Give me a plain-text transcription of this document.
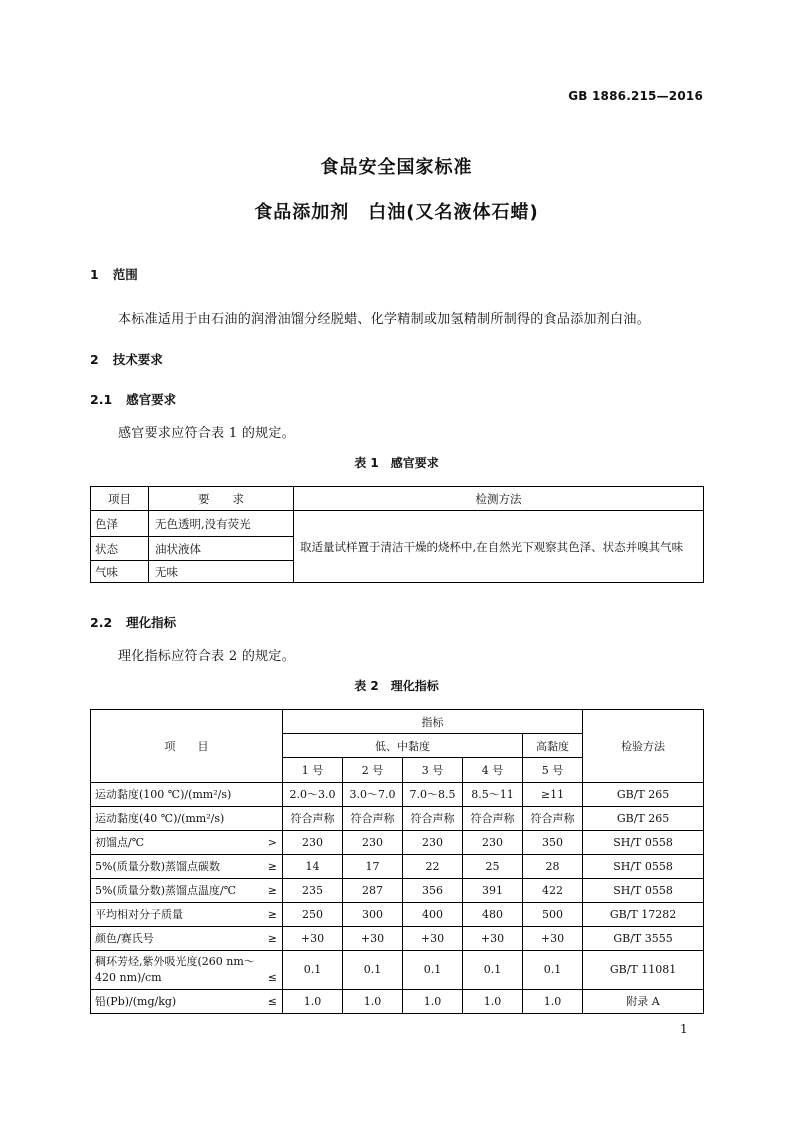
GB 1886.215—2016
食品安全国家标准
食品添加剂　白油(又名液体石蜡)
1 范围
本标准适用于由石油的润滑油馏分经脱蜡、化学精制或加氢精制所制得的食品添加剂白油。
2 技术要求
2.1 感官要求
感官要求应符合表 1 的规定。
表 1　感官要求
项目	要　　求	检测方法
色泽	无色透明,没有荧光	取适量试样置于清洁干燥的烧杯中,在自然光下观察其色泽、状态并嗅其气味
状态	油状液体	
气味	无味	
2.2 理化指标
理化指标应符合表 2 的规定。
表 2　理化指标
项　　目	指标					检验方法
	低、中黏度				高黏度	
	1 号	2 号	3 号	4 号	5 号	

运动黏度(100 ℃)/(mm²/s)	2.0～3.0	3.0～7.0	7.0～8.5	8.5～11	≥11	GB/T 265

运动黏度(40 ℃)/(mm²/s)	符合声称	符合声称	符合声称	符合声称	符合声称	GB/T 265

初馏点/℃ >	230	230	230	230	350	SH/T 0558

5%(质量分数)蒸馏点碳数 ≥	14	17	22	25	28	SH/T 0558

5%(质量分数)蒸馏点温度/℃ ≥	235	287	356	391	422	SH/T 0558

平均相对分子质量 ≥	250	300	400	480	500	GB/T 17282

颜色/赛氏号 ≥	+30	+30	+30	+30	+30	GB/T 3555

稠环芳烃,紫外吸光度(260 nm～420 nm)/cm ≤	0.1	0.1	0.1	0.1	0.1	GB/T 11081

铅(Pb)/(mg/kg) ≤	1.0	1.0	1.0	1.0	1.0	附录 A
1
